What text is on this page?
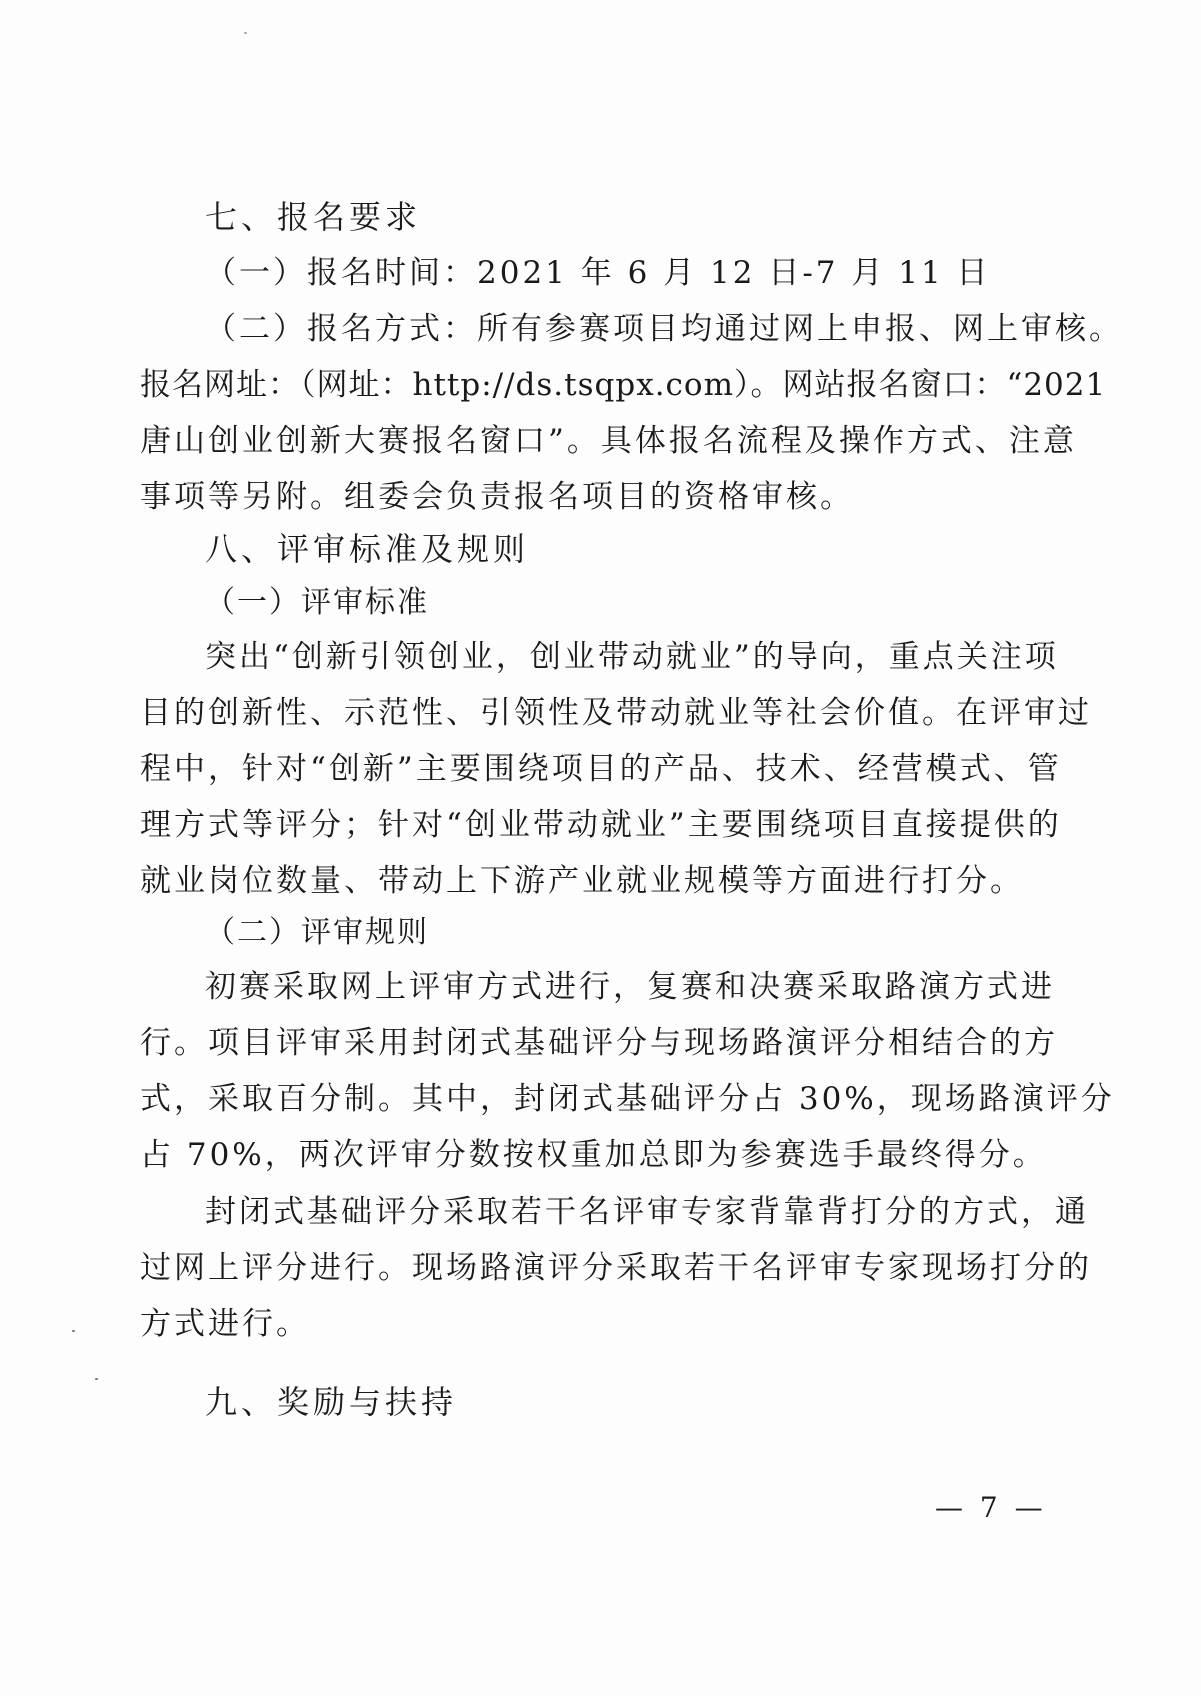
七、报名要求
（一）报名时间：2021 年 6 月 12 日-7 月 11 日
（二）报名方式：所有参赛项目均通过网上申报、网上审核。
报名网址：（网址：http://ds.tsqpx.com）。网站报名窗口：“2021
唐山创业创新大赛报名窗口”。具体报名流程及操作方式、注意
事项等另附。组委会负责报名项目的资格审核。
八、评审标准及规则
（一）评审标准
突出“创新引领创业，创业带动就业”的导向，重点关注项
目的创新性、示范性、引领性及带动就业等社会价值。在评审过
程中，针对“创新”主要围绕项目的产品、技术、经营模式、管
理方式等评分；针对“创业带动就业”主要围绕项目直接提供的
就业岗位数量、带动上下游产业就业规模等方面进行打分。
（二）评审规则
初赛采取网上评审方式进行，复赛和决赛采取路演方式进
行。项目评审采用封闭式基础评分与现场路演评分相结合的方
式，采取百分制。其中，封闭式基础评分占 30%，现场路演评分
占 70%，两次评审分数按权重加总即为参赛选手最终得分。
封闭式基础评分采取若干名评审专家背靠背打分的方式，通
过网上评分进行。现场路演评分采取若干名评审专家现场打分的
方式进行。
九、奖励与扶持
— 7 —
